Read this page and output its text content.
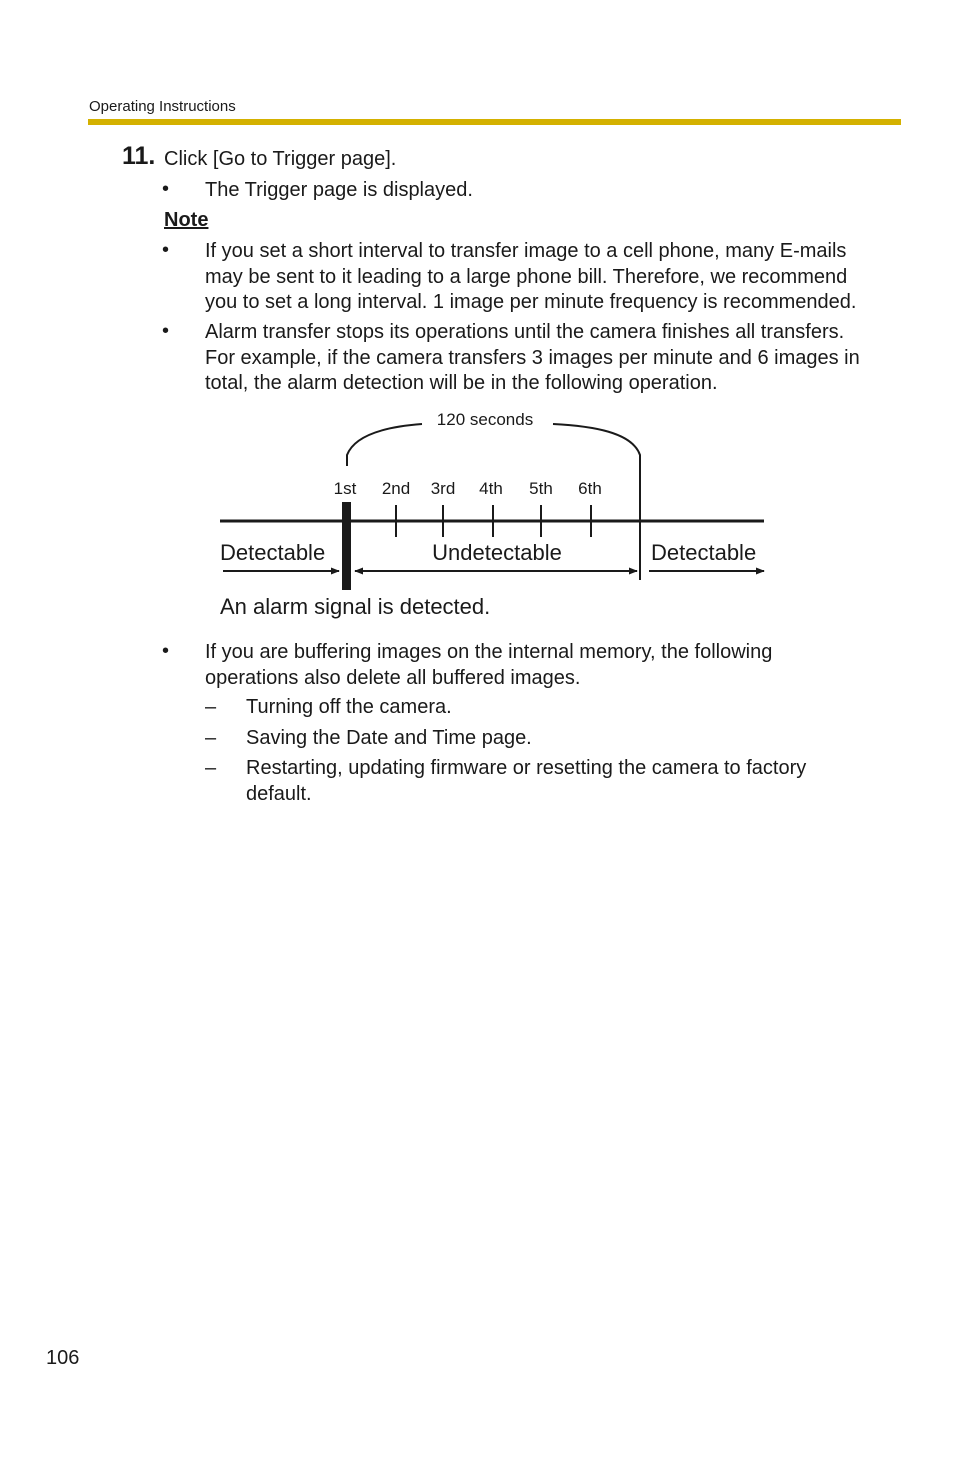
Operating Instructions
11. Click [Go to Trigger page].
• The Trigger page is displayed.
Note
• If you set a short interval to transfer image to a cell phone, many E-mails
may be sent to it leading to a large phone bill. Therefore, we recommend
you to set a long interval. 1 image per minute frequency is recommended.
• Alarm transfer stops its operations until the camera finishes all transfers.
For example, if the camera transfers 3 images per minute and 6 images in
total, the alarm detection will be in the following operation.
120 seconds
1st 2nd 3rd 4th 5th 6th
Detectable	Undetectable	Detectable
An alarm signal is detected.
• If you are buffering images on the internal memory, the following
operations also delete all buffered images.
– Turning off the camera.
– Saving the Date and Time page.
– Restarting, updating firmware or resetting the camera to factory
default.
106
